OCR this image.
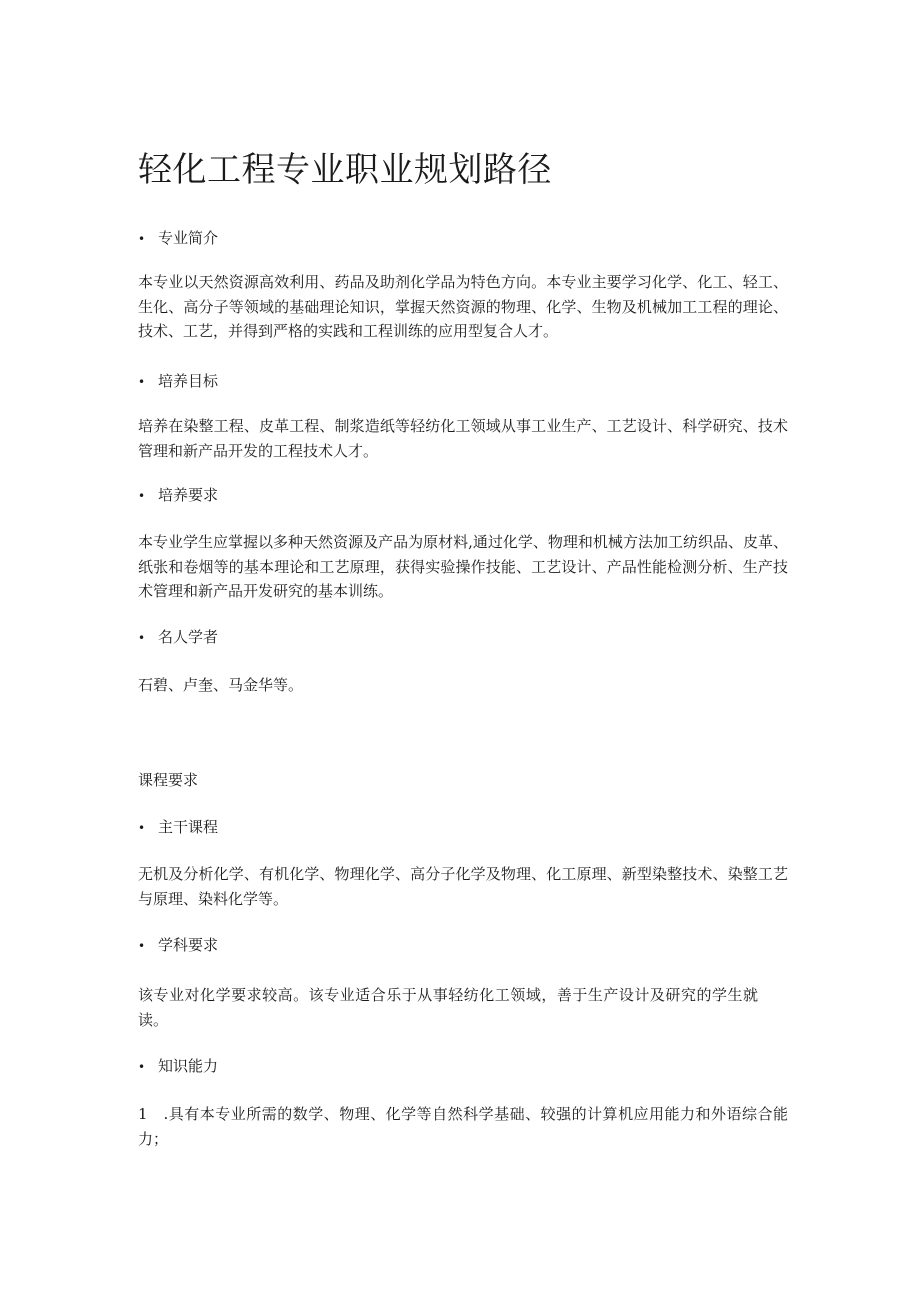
轻化工程专业职业规划路径
• 专业简介

本专业以天然资源高效利用、药品及助剂化学品为特色方向。本专业主要学习化学、化工、轻工、生化、高分子等领域的基础理论知识，掌握天然资源的物理、化学、生物及机械加工工程的理论、技术、工艺，并得到严格的实践和工程训练的应用型复合人才。

• 培养目标

培养在染整工程、皮革工程、制浆造纸等轻纺化工领域从事工业生产、工艺设计、科学研究、技术管理和新产品开发的工程技术人才。

• 培养要求

本专业学生应掌握以多种天然资源及产品为原材料,通过化学、物理和机械方法加工纺织品、皮革、纸张和卷烟等的基本理论和工艺原理，获得实验操作技能、工艺设计、产品性能检测分析、生产技术管理和新产品开发研究的基本训练。

• 名人学者

石碧、卢奎、马金华等。

课程要求
• 主干课程

无机及分析化学、有机化学、物理化学、高分子化学及物理、化工原理、新型染整技术、染整工艺与原理、染料化学等。

• 学科要求

该专业对化学要求较高。该专业适合乐于从事轻纺化工领域，善于生产设计及研究的学生就读。

• 知识能力

1　.具有本专业所需的数学、物理、化学等自然科学基础、较强的计算机应用能力和外语综合能力；
